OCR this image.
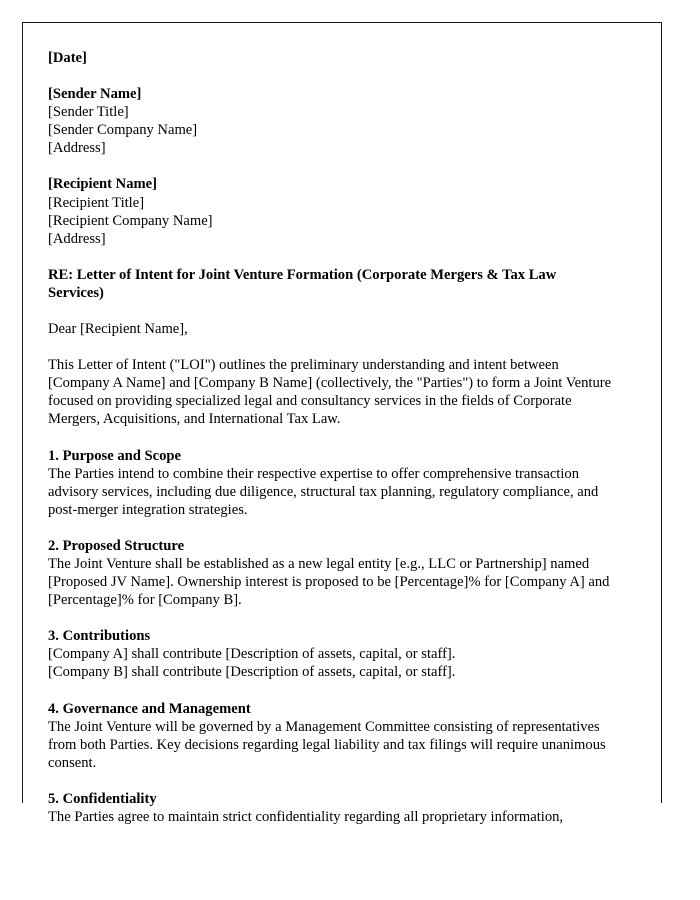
[Date]
[Sender Name]
[Sender Title]
[Sender Company Name]
[Address]
[Recipient Name]
[Recipient Title]
[Recipient Company Name]
[Address]
RE: Letter of Intent for Joint Venture Formation (Corporate Mergers & Tax Law Services)
Dear [Recipient Name],
This Letter of Intent ("LOI") outlines the preliminary understanding and intent between [Company A Name] and [Company B Name] (collectively, the "Parties") to form a Joint Venture focused on providing specialized legal and consultancy services in the fields of Corporate Mergers, Acquisitions, and International Tax Law.
1. Purpose and Scope
The Parties intend to combine their respective expertise to offer comprehensive transaction advisory services, including due diligence, structural tax planning, regulatory compliance, and post-merger integration strategies.
2. Proposed Structure
The Joint Venture shall be established as a new legal entity [e.g., LLC or Partnership] named [Proposed JV Name]. Ownership interest is proposed to be [Percentage]% for [Company A] and [Percentage]% for [Company B].
3. Contributions
[Company A] shall contribute [Description of assets, capital, or staff].
[Company B] shall contribute [Description of assets, capital, or staff].
4. Governance and Management
The Joint Venture will be governed by a Management Committee consisting of representatives from both Parties. Key decisions regarding legal liability and tax filings will require unanimous consent.
5. Confidentiality
The Parties agree to maintain strict confidentiality regarding all proprietary information,
